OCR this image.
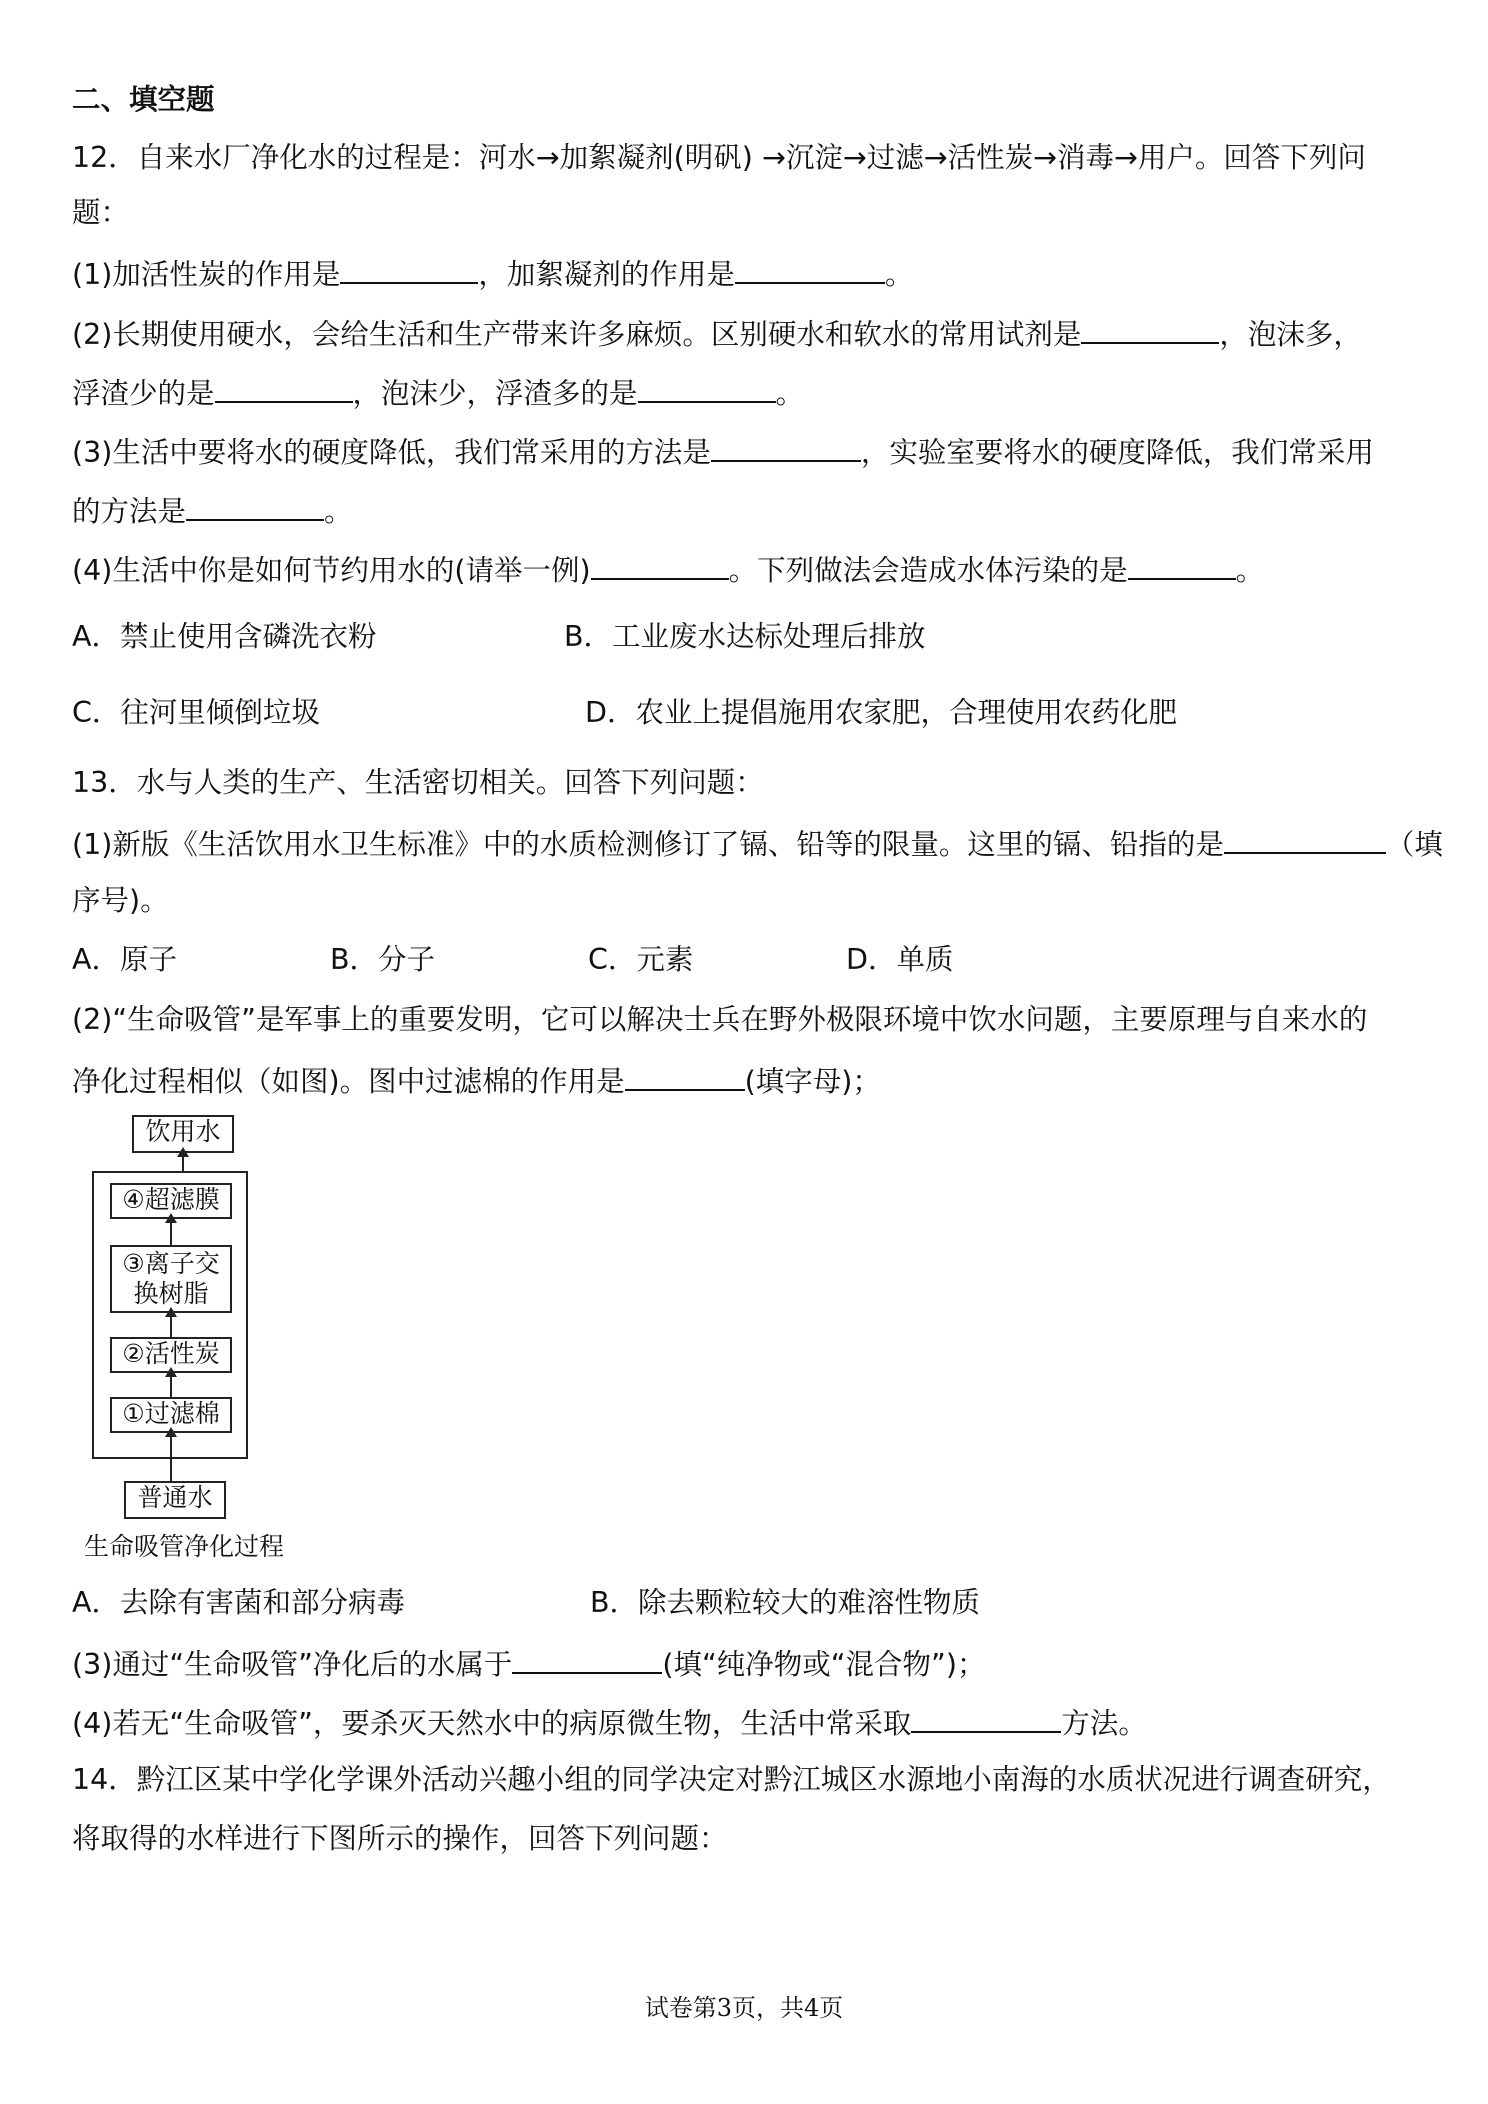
二、填空题
12．自来水厂净化水的过程是：河水→加絮凝剂(明矾) →沉淀→过滤→活性炭→消毒→用户。回答下列问
题：
(1)加活性炭的作用是	，加絮凝剂的作用是	。
(2)长期使用硬水，会给生活和生产带来许多麻烦。区别硬水和软水的常用试剂是	，泡沫多，
浮渣少的是	，泡沫少，浮渣多的是	。
(3)生活中要将水的硬度降低，我们常采用的方法是	，实验室要将水的硬度降低，我们常采用
的方法是	。
(4)生活中你是如何节约用水的(请举一例)	。下列做法会造成水体污染的是	。
A．禁止使用含磷洗衣粉	B．工业废水达标处理后排放
C．往河里倾倒垃圾	D．农业上提倡施用农家肥，合理使用农药化肥
13．水与人类的生产、生活密切相关。回答下列问题：
(1)新版《生活饮用水卫生标准》中的水质检测修订了镉、铅等的限量。这里的镉、铅指的是	（填
序号)。
A．原子	B．分子	C．元素	D．单质
(2)“生命吸管”是军事上的重要发明，它可以解决士兵在野外极限环境中饮水问题，主要原理与自来水的
净化过程相似（如图)。图中过滤棉的作用是	(填字母)；
饮用水
④超滤膜
③离子交
换树脂
②活性炭
①过滤棉
普通水
生命吸管净化过程
A．去除有害菌和部分病毒	B．除去颗粒较大的难溶性物质
(3)通过“生命吸管”净化后的水属于	(填“纯净物或“混合物”)；
(4)若无“生命吸管”，要杀灭天然水中的病原微生物，生活中常采取	方法。
14．黔江区某中学化学课外活动兴趣小组的同学决定对黔江城区水源地小南海的水质状况进行调查研究，
将取得的水样进行下图所示的操作，回答下列问题：
试卷第3页，共4页
